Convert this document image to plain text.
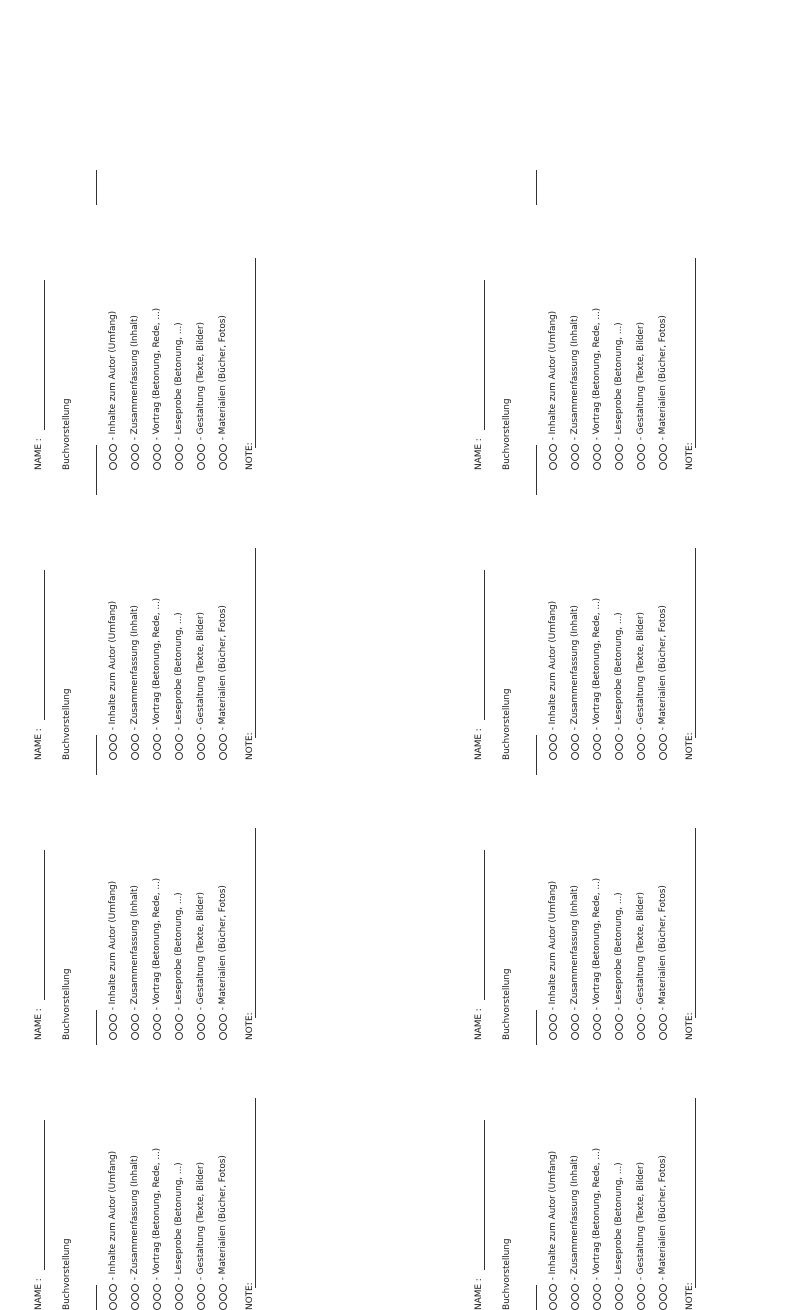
NAME : Buchvorstellung	- Inhalte zum Autor (Umfang)	- Zusammenfassung (Inhalt)	- Vortrag (Betonung, Rede, ...)	- Leseprobe (Betonung, ...)	- Gestaltung (Texte, Bilder)	- Materialien (Bücher, Fotos)
NOTE:
NAME : Buchvorstellung	- Inhalte zum Autor (Umfang)	- Zusammenfassung (Inhalt)	- Vortrag (Betonung, Rede, ...)	- Leseprobe (Betonung, ...)	- Gestaltung (Texte, Bilder)	- Materialien (Bücher, Fotos)
NOTE:
NAME : Buchvorstellung	- Inhalte zum Autor (Umfang)	- Zusammenfassung (Inhalt)	- Vortrag (Betonung, Rede, ...)	- Leseprobe (Betonung, ...)	- Gestaltung (Texte, Bilder)	- Materialien (Bücher, Fotos)
NOTE:
NAME : Buchvorstellung	- Inhalte zum Autor (Umfang)	- Zusammenfassung (Inhalt)	- Vortrag (Betonung, Rede, ...)	- Leseprobe (Betonung, ...)	- Gestaltung (Texte, Bilder)	- Materialien (Bücher, Fotos)
NOTE:
NAME : Buchvorstellung	- Inhalte zum Autor (Umfang)	- Zusammenfassung (Inhalt)	- Vortrag (Betonung, Rede, ...)	- Leseprobe (Betonung, ...)	- Gestaltung (Texte, Bilder)	- Materialien (Bücher, Fotos)
NOTE:
NAME : Buchvorstellung	- Inhalte zum Autor (Umfang)	- Zusammenfassung (Inhalt)	- Vortrag (Betonung, Rede, ...)	- Leseprobe (Betonung, ...)	- Gestaltung (Texte, Bilder)	- Materialien (Bücher, Fotos)
NOTE:
NAME : Buchvorstellung	- Inhalte zum Autor (Umfang)	- Zusammenfassung (Inhalt)	- Vortrag (Betonung, Rede, ...)	- Leseprobe (Betonung, ...)	- Gestaltung (Texte, Bilder)	- Materialien (Bücher, Fotos)
NOTE:
NAME : Buchvorstellung	- Inhalte zum Autor (Umfang)	- Zusammenfassung (Inhalt)	- Vortrag (Betonung, Rede, ...)	- Leseprobe (Betonung, ...)	- Gestaltung (Texte, Bilder)	- Materialien (Bücher, Fotos)
NOTE:
